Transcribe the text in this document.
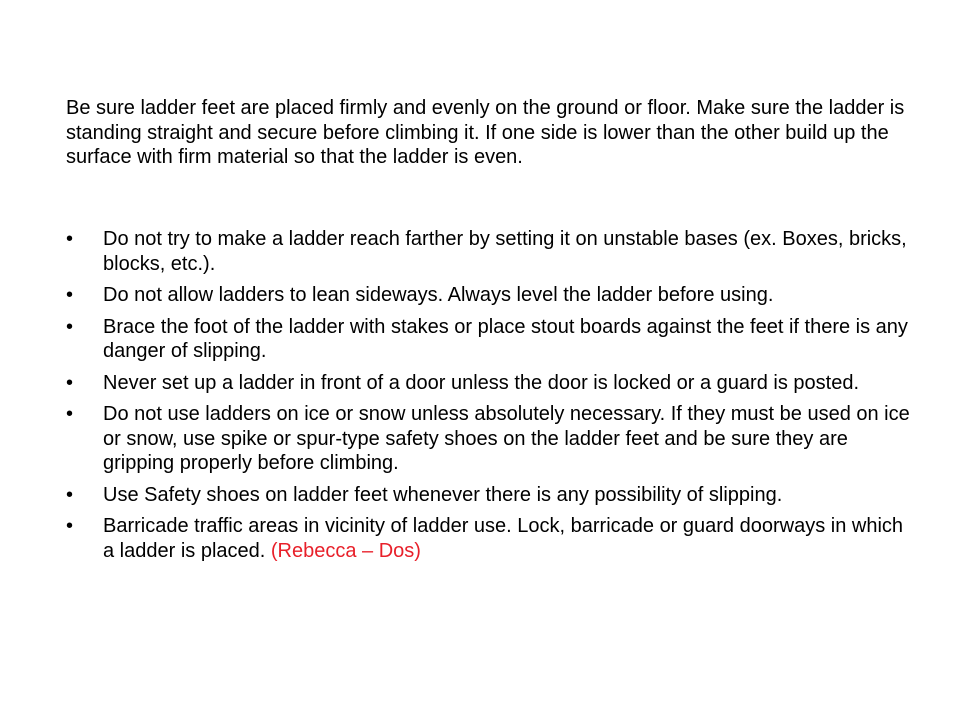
Be sure ladder feet are placed firmly and evenly on the ground or floor. Make sure the ladder is standing straight and secure before climbing it. If one side is lower than the other build up the surface with firm material so that the ladder is even.

• Do not try to make a ladder reach farther by setting it on unstable bases (ex. Boxes, bricks, blocks, etc.).
• Do not allow ladders to lean sideways. Always level the ladder before using.
• Brace the foot of the ladder with stakes or place stout boards against the feet if there is any danger of slipping.
• Never set up a ladder in front of a door unless the door is locked or a guard is posted.
• Do not use ladders on ice or snow unless absolutely necessary. If they must be used on ice or snow, use spike or spur-type safety shoes on the ladder feet and be sure they are gripping properly before climbing.
• Use Safety shoes on ladder feet whenever there is any possibility of slipping.
• Barricade traffic areas in vicinity of ladder use. Lock, barricade or guard doorways in which a ladder is placed. (Rebecca – Dos)
